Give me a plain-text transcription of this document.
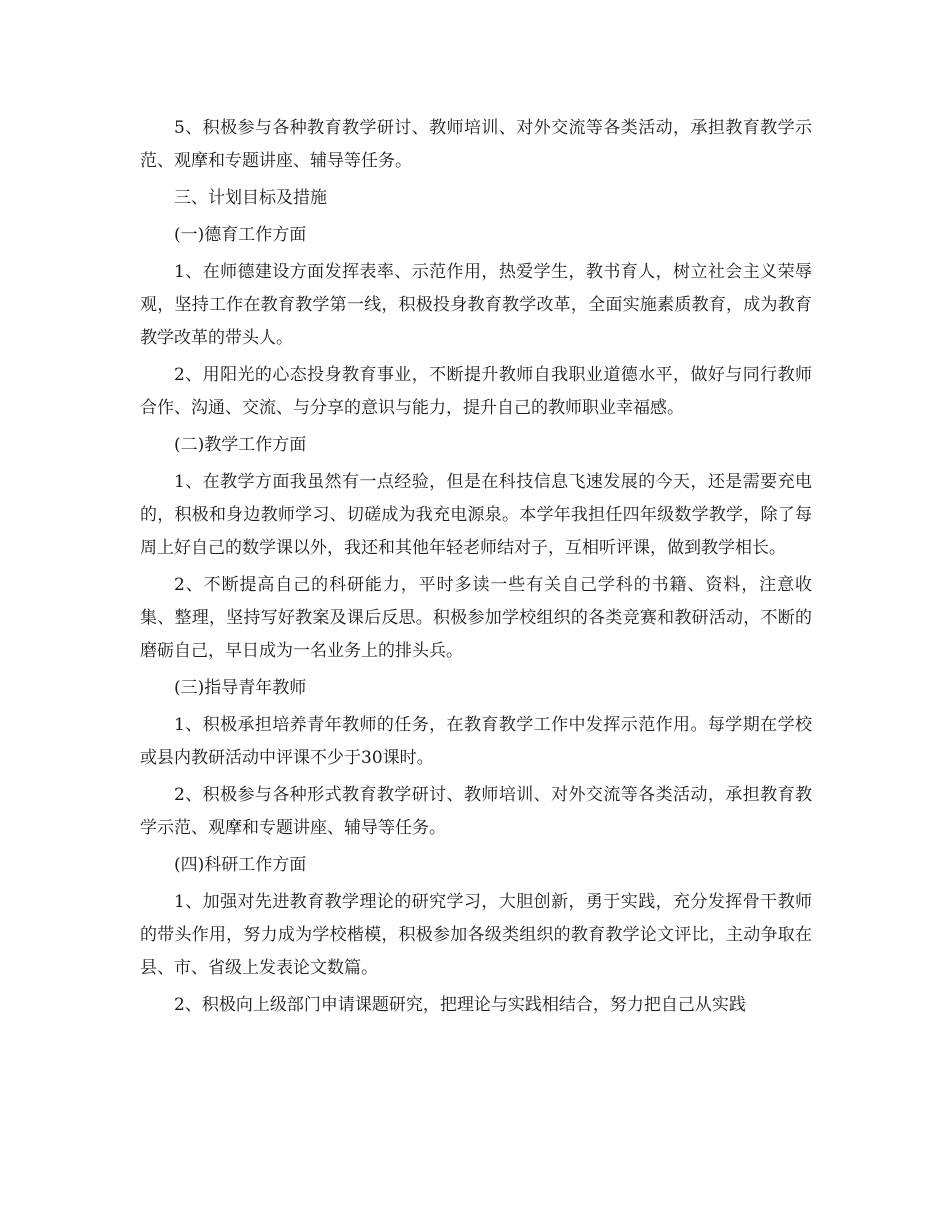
5、积极参与各种教育教学研讨、教师培训、对外交流等各类活动，承担教育教学示范、观摩和专题讲座、辅导等任务。

三、计划目标及措施

(一)德育工作方面

1、在师德建设方面发挥表率、示范作用，热爱学生，教书育人，树立社会主义荣辱观，坚持工作在教育教学第一线，积极投身教育教学改革，全面实施素质教育，成为教育教学改革的带头人。

2、用阳光的心态投身教育事业，不断提升教师自我职业道德水平，做好与同行教师合作、沟通、交流、与分享的意识与能力，提升自己的教师职业幸福感。

(二)教学工作方面

1、在教学方面我虽然有一点经验，但是在科技信息飞速发展的今天，还是需要充电的，积极和身边教师学习、切磋成为我充电源泉。本学年我担任四年级数学教学，除了每周上好自己的数学课以外，我还和其他年轻老师结对子，互相听评课，做到教学相长。

2、不断提高自己的科研能力，平时多读一些有关自己学科的书籍、资料，注意收集、整理，坚持写好教案及课后反思。积极参加学校组织的各类竞赛和教研活动，不断的磨砺自己，早日成为一名业务上的排头兵。

(三)指导青年教师

1、积极承担培养青年教师的任务，在教育教学工作中发挥示范作用。每学期在学校或县内教研活动中评课不少于30课时。

2、积极参与各种形式教育教学研讨、教师培训、对外交流等各类活动，承担教育教学示范、观摩和专题讲座、辅导等任务。

(四)科研工作方面

1、加强对先进教育教学理论的研究学习，大胆创新，勇于实践，充分发挥骨干教师的带头作用，努力成为学校楷模，积极参加各级类组织的教育教学论文评比，主动争取在县、市、省级上发表论文数篇。

2、积极向上级部门申请课题研究，把理论与实践相结合，努力把自己从实践
